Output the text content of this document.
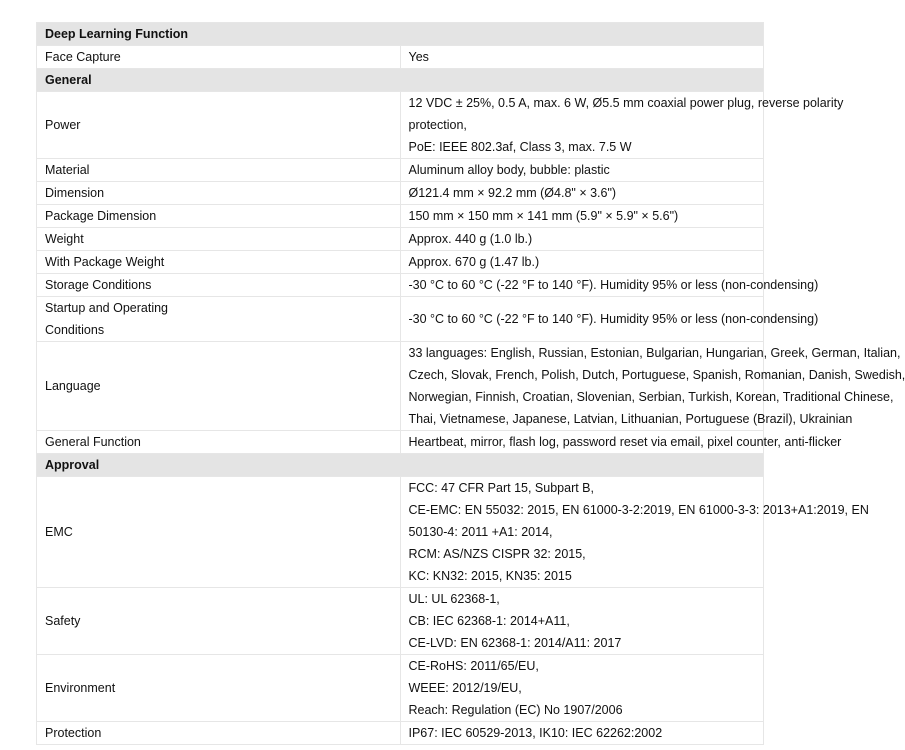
Deep Learning Function	
Face Capture	Yes

General	
Power	12 VDC ± 25%, 0.5 A, max. 6 W, Ø5.5 mm coaxial power plug, reverse polarity
protection,
PoE: IEEE 802.3af, Class 3, max. 7.5 W

Material	Aluminum alloy body, bubble: plastic

Dimension	Ø121.4 mm × 92.2 mm (Ø4.8" × 3.6")

Package Dimension	150 mm × 150 mm × 141 mm (5.9" × 5.9" × 5.6")

Weight	Approx. 440 g (1.0 lb.)

With Package Weight	Approx. 670 g (1.47 lb.)

Storage Conditions	-30 °C to 60 °C (-22 °F to 140 °F). Humidity 95% or less (non-condensing)

Startup and Operating
Conditions	-30 °C to 60 °C (-22 °F to 140 °F). Humidity 95% or less (non-condensing)

Language	33 languages: English, Russian, Estonian, Bulgarian, Hungarian, Greek, German, Italian,
Czech, Slovak, French, Polish, Dutch, Portuguese, Spanish, Romanian, Danish, Swedish,
Norwegian, Finnish, Croatian, Slovenian, Serbian, Turkish, Korean, Traditional Chinese,
Thai, Vietnamese, Japanese, Latvian, Lithuanian, Portuguese (Brazil), Ukrainian

General Function	Heartbeat, mirror, flash log, password reset via email, pixel counter, anti-flicker

Approval	
EMC	FCC: 47 CFR Part 15, Subpart B,
CE-EMC: EN 55032: 2015, EN 61000-3-2:2019, EN 61000-3-3: 2013+A1:2019, EN
50130-4: 2011 +A1: 2014,
RCM: AS/NZS CISPR 32: 2015,
KC: KN32: 2015, KN35: 2015

Safety	UL: UL 62368-1,
CB: IEC 62368-1: 2014+A11,
CE-LVD: EN 62368-1: 2014/A11: 2017

Environment	CE-RoHS: 2011/65/EU,
WEEE: 2012/19/EU,
Reach: Regulation (EC) No 1907/2006

Protection	IP67: IEC 60529-2013, IK10: IEC 62262:2002
